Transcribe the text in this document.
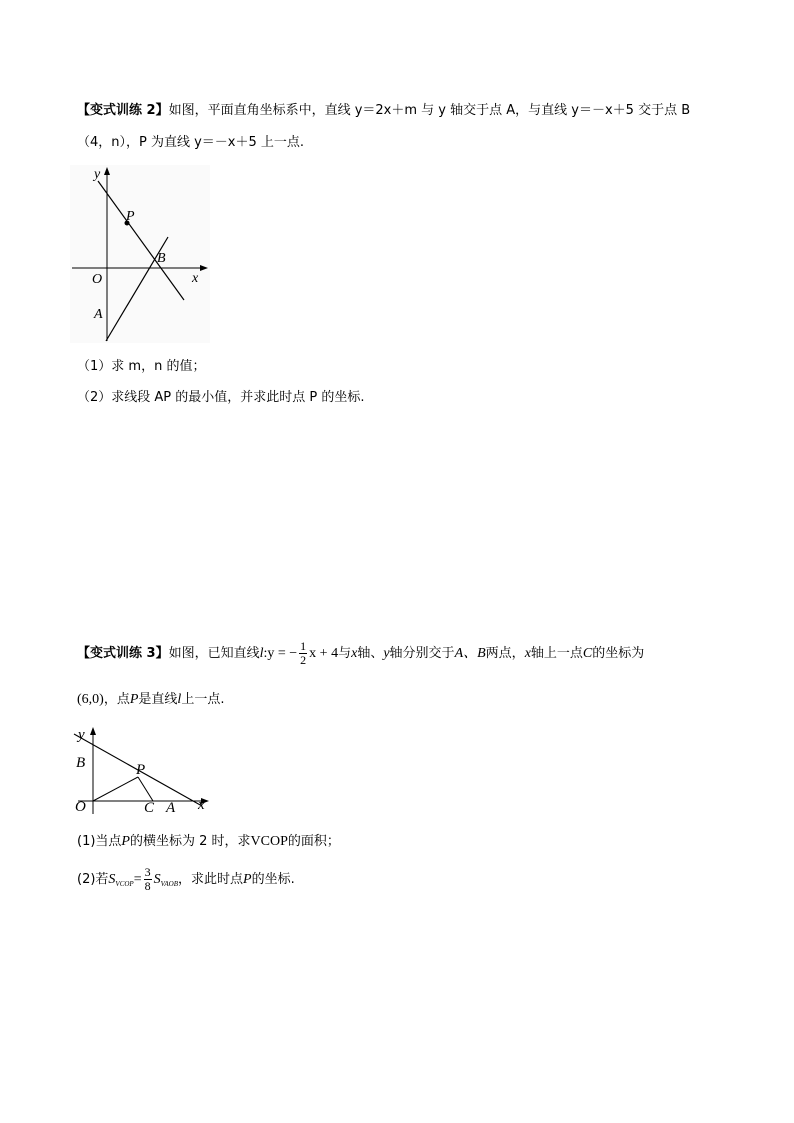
【变式训练 2】如图，平面直角坐标系中，直线 y＝2x＋m 与 y 轴交于点 A，与直线 y＝－x＋5 交于点 B
（4，n），P 为直线 y＝－x＋5 上一点.
y
x
O
P
B
A
（1）求 m，n 的值；
（2）求线段 AP 的最小值，并求此时点 P 的坐标.
【变式训练 3】如图，已知直线l:y = − $\frac{1}{2}$ x + 4与x轴、y轴分别交于A、B两点，x轴上一点C的坐标为
(6,0)，点P是直线l上一点.
y
x
B	P
O	C A
(1)当点P的横坐标为 2 时，求VCOP的面积；
(2)若$S_{VCOP}= \frac{3}{8} S_{VAOB}$，求此时点P的坐标.
